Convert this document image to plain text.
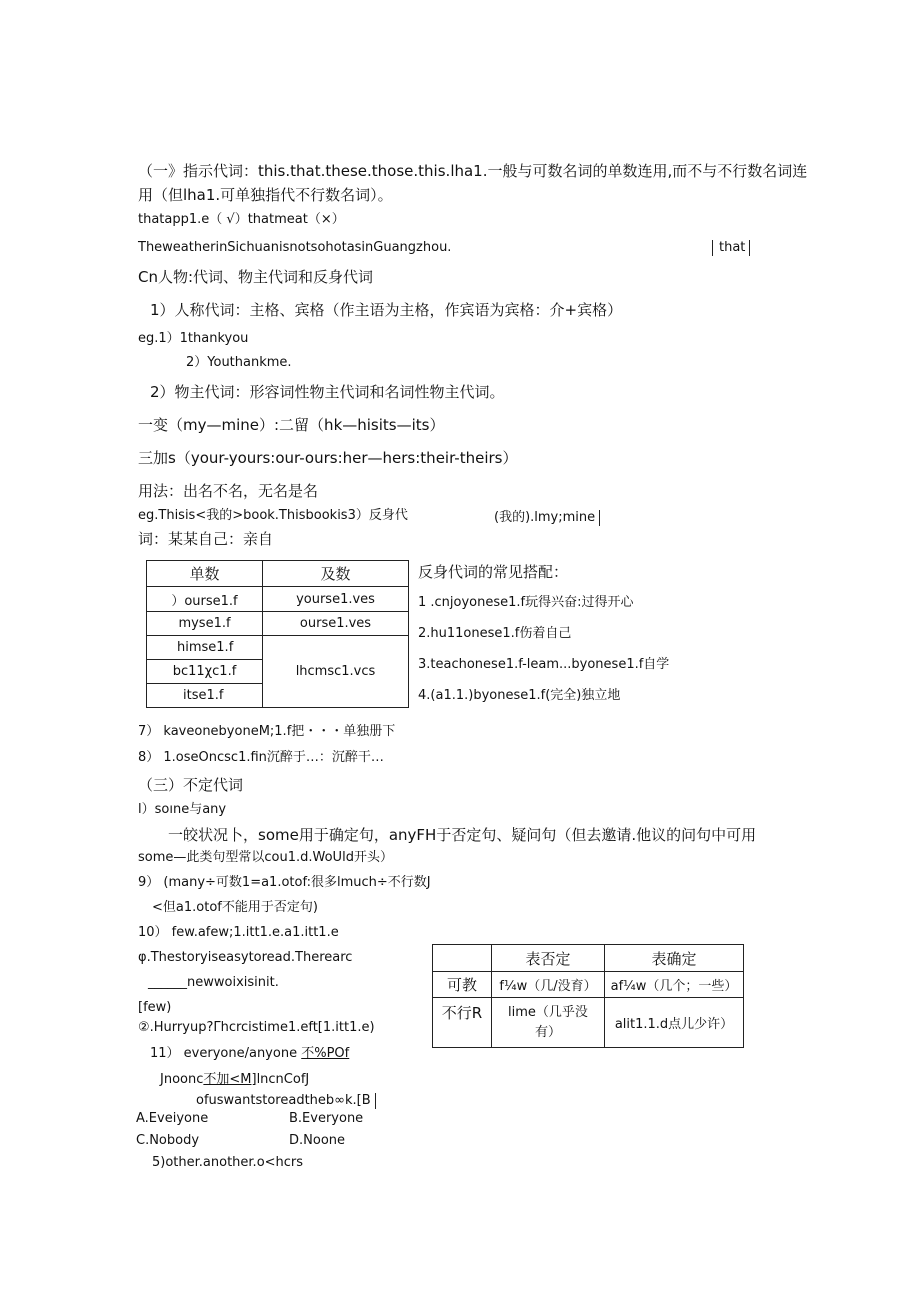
（一》指示代词：this.that.these.those.this.lha1.一般与可数名词的单数连用,而不与不行数名词连
用（但lha1.可单独指代不行数名词）。
thatapp1.e（ √）thatmeat（×）
TheweatherinSichuanisnotsohotasinGuangzhou.	that
Cn人物:代词、物主代词和反身代词
1）人称代词：主格、宾格（作主语为主格，作宾语为宾格：介+宾格）
eg.1）1thankyou
2）Youthankme.
2）物主代词：形容词性物主代词和名词性物主代词。
一变（my—mine）:二留（hk—hisits—its）
三加s（your-yours:our-ours:her—hers:their-theirs）
用法：出名不名，无名是名
eg.Thisis<我的>book.Thisbookis3）反身代	(我的).lmy;mine
词：某某自己：亲自
单数	及数
）ourse1.f	yourse1.ves
myse1.f	ourse1.ves
himse1.f	lhcmsc1.vcs
bc11χc1.f	
itse1.f	
反身代词的常见搭配：
1 .cnjoyonese1.f玩得兴奋:过得开心
2.hu11onese1.f伤着自己
3.teachonese1.f-leam...byonese1.f自学
4.(a1.1.)byonese1.f(完全)独立地
7） kaveonebyoneM;1.f把・・・单独册下
8） 1.oseOncsc1.fin沉醉于…：沉醉干…
（三）不定代词
l）soıne与any
一皎状况卜，some用于确定句，anyFH于否定句、疑问句（但去邀请.他议的问句中可用
some—此类句型常以cou1.d.WoUld开头）
9） (many÷可数1=a1.otof:很多lmuch÷不行数J
<但a1.otof不能用于否定句)
10） few.afew;1.itt1.e.a1.itt1.e
φ.Thestoryiseasytoread.Therearc
______newwoixisinit.
[few)
②.Hurryup?Γhcrcistime1.eft[1.itt1.e)
11） everyone/anyone 不%POf
Jnoonc不加<M]lncnCofJ
ofuswantstoreadtheb∞k.[B
A.Eveiyone	B.Everyone
C.Nobody	D.Noone
5)other.another.o<hcrs
	表否定	表确定
可教	f¼w（几/没育）	af¼w（几个；一些）
不行R	lime（几乎没
有）	alit1.1.d点儿少许）
